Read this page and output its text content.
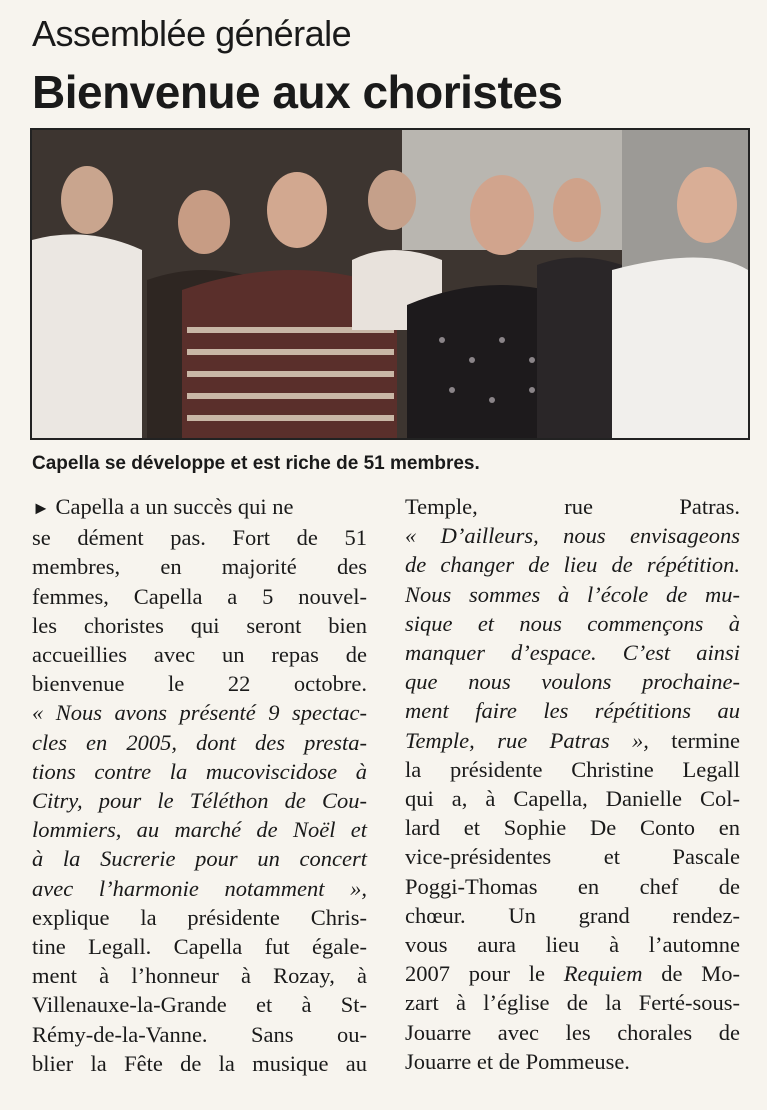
Assemblée générale
Bienvenue aux choristes
Capella se développe et est riche de 51 membres.
► Capella a un succès qui ne
se dément pas. Fort de 51
membres, en majorité des
femmes, Capella a 5 nouvel-
les choristes qui seront bien
accueillies avec un repas de
bienvenue le 22 octobre.
« Nous avons présenté 9 spectac-
cles en 2005, dont des presta-
tions contre la mucoviscidose à
Citry, pour le Téléthon de Cou-
lommiers, au marché de Noël et
à la Sucrerie pour un concert
avec l’harmonie notamment »,
explique la présidente Chris-
tine Legall. Capella fut égale-
ment à l’honneur à Rozay, à
Villenauxe-la-Grande et à St-
Rémy-de-la-Vanne. Sans ou-
blier la Fête de la musique au
Temple, rue Patras.
« D’ailleurs, nous envisageons
de changer de lieu de répétition.
Nous sommes à l’école de mu-
sique et nous commençons à
manquer d’espace. C’est ainsi
que nous voulons prochaine-
ment faire les répétitions au
Temple, rue Patras », termine
la présidente Christine Legall
qui a, à Capella, Danielle Col-
lard et Sophie De Conto en
vice-présidentes et Pascale
Poggi-Thomas en chef de
chœur. Un grand rendez-
vous aura lieu à l’automne
2007 pour le Requiem de Mo-
zart à l’église de la Ferté-sous-
Jouarre avec les chorales de
Jouarre et de Pommeuse.
